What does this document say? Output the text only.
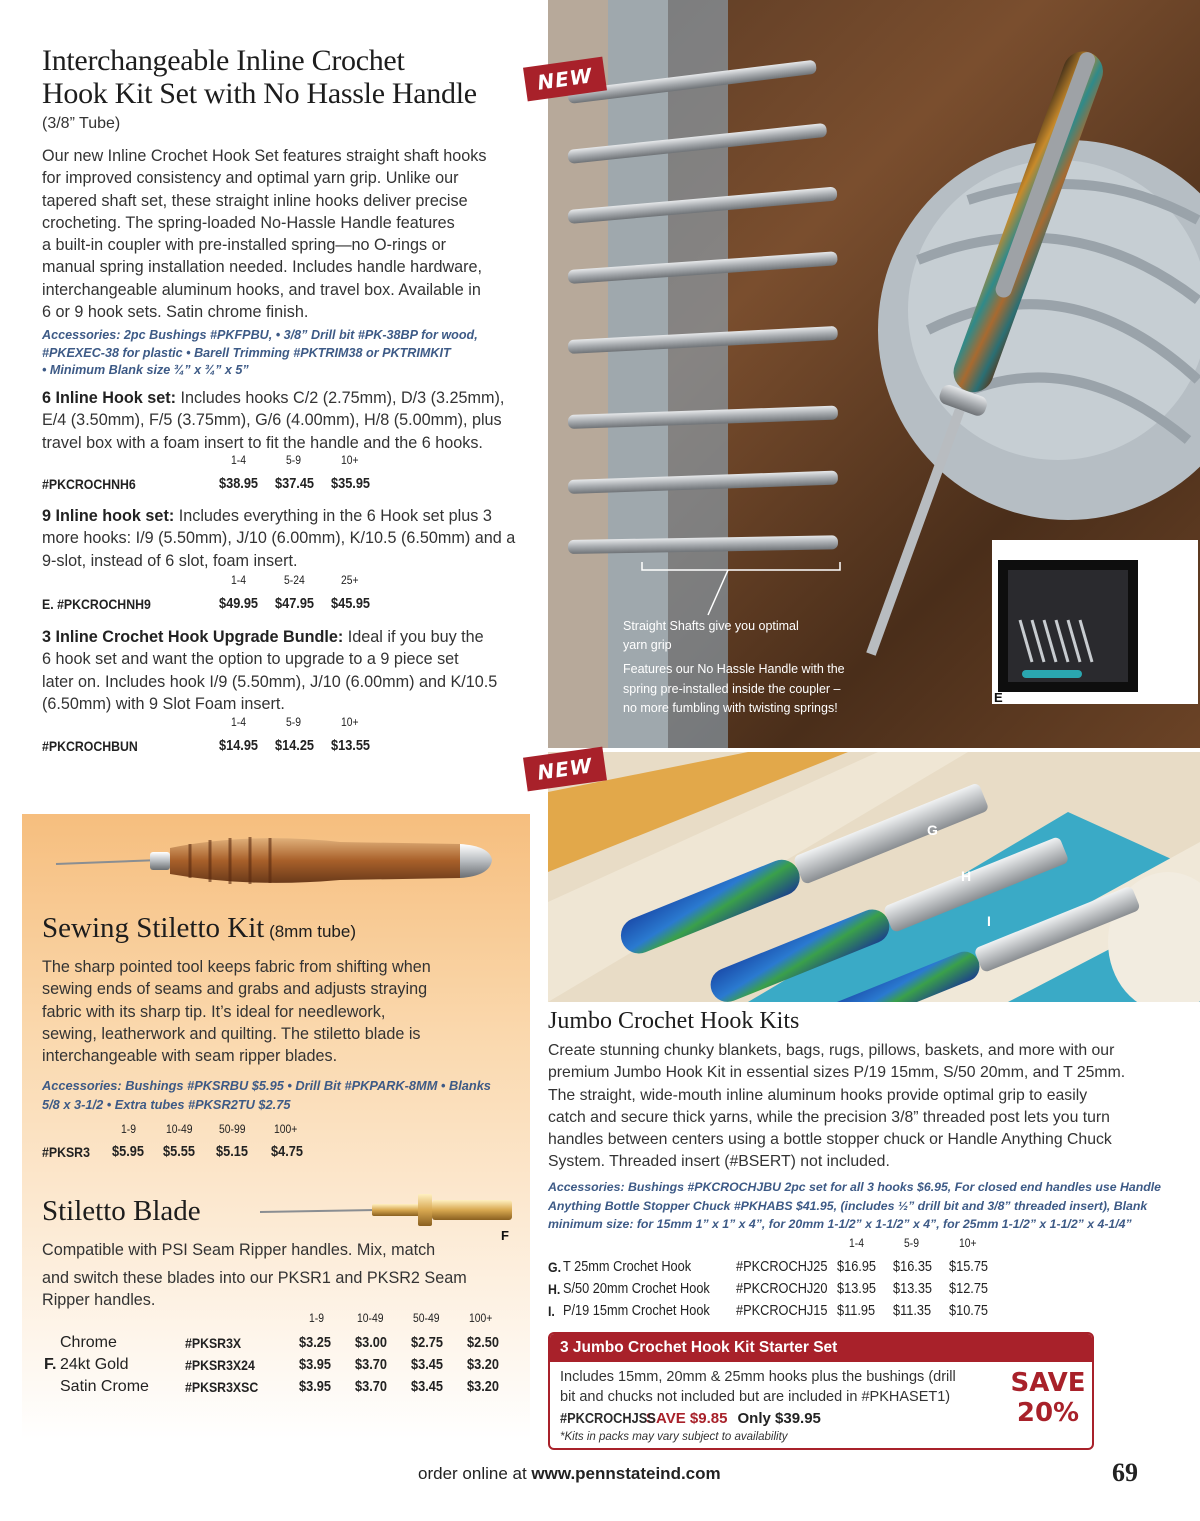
Interchangeable Inline Crochet
Hook Kit Set with No Hassle Handle
(3/8” Tube)
Our new Inline Crochet Hook Set features straight shaft hooks
for improved consistency and optimal yarn grip. Unlike our
tapered shaft set, these straight inline hooks deliver precise
crocheting. The spring-loaded No-Hassle Handle features
a built-in coupler with pre-installed spring—no O-rings or
manual spring installation needed. Includes handle hardware,
interchangeable aluminum hooks, and travel box. Available in
6 or 9 hook sets. Satin chrome finish.
Accessories: 2pc Bushings #PKFPBU, • 3/8” Drill bit #PK-38BP for wood,
#PKEXEC-38 for plastic • Barell Trimming #PKTRIM38 or PKTRIMKIT
• Minimum Blank size ¾” x ¾” x 5”
6 Inline Hook set: Includes hooks C/2 (2.75mm), D/3 (3.25mm),
E/4 (3.50mm), F/5 (3.75mm), G/6 (4.00mm), H/8 (5.00mm), plus
travel box with a foam insert to fit the handle and the 6 hooks.
1-4	5-9	10+
#PKCROCHNH6	$38.95 $37.45 $35.95
9 Inline hook set: Includes everything in the 6 Hook set plus 3
more hooks: I/9 (5.50mm), J/10 (6.00mm), K/10.5 (6.50mm) and a
9-slot, instead of 6 slot, foam insert.
1-4	5-24	25+
E. #PKCROCHNH9	$49.95 $47.95 $45.95
3 Inline Crochet Hook Upgrade Bundle: Ideal if you buy the
6 hook set and want the option to upgrade to a 9 piece set
later on. Includes hook I/9 (5.50mm), J/10 (6.00mm) and K/10.5
(6.50mm) with 9 Slot Foam insert.
1-4	5-9	10+
#PKCROCHBUN	$14.95 $14.25 $13.55
Straight Shafts give you optimal
yarn grip
Features our No Hassle Handle with the
spring pre-installed inside the coupler –
no more fumbling with twisting springs!
E
NEW
G
H
I
NEW
Sewing Stiletto Kit (8mm tube)
The sharp pointed tool keeps fabric from shifting when
sewing ends of seams and grabs and adjusts straying
fabric with its sharp tip. It’s ideal for needlework,
sewing, leatherwork and quilting. The stiletto blade is
interchangeable with seam ripper blades.
Accessories: Bushings #PKSRBU $5.95 • Drill Bit #PKPARK-8MM • Blanks
5/8 x 3-1/2 • Extra tubes #PKSR2TU $2.75
1-9	10-49 50-99 100+
#PKSR3 $5.95 $5.55 $5.15 $4.75
Stiletto Blade
F
Compatible with PSI Seam Ripper handles. Mix, match
and switch these blades into our PKSR1 and PKSR2 Seam
Ripper handles.
1-9	10-49	50-49	100+
Chrome	#PKSR3X	$3.25 $3.00 $2.75 $2.50
F. 24kt Gold	#PKSR3X24	$3.95 $3.70 $3.45 $3.20
Satin Crome	#PKSR3XSC	$3.95 $3.70 $3.45 $3.20
Jumbo Crochet Hook Kits
Create stunning chunky blankets, bags, rugs, pillows, baskets, and more with our
premium Jumbo Hook Kit in essential sizes P/19 15mm, S/50 20mm, and T 25mm.
The straight, wide-mouth inline aluminum hooks provide optimal grip to easily
catch and secure thick yarns, while the precision 3/8” threaded post lets you turn
handles between centers using a bottle stopper chuck or Handle Anything Chuck
System. Threaded insert (#BSERT) not included.
Accessories: Bushings #PKCROCHJBU 2pc set for all 3 hooks $6.95, For closed end handles use Handle
Anything Bottle Stopper Chuck #PKHABS $41.95, (includes ½” drill bit and 3/8” threaded insert), Blank
minimum size: for 15mm 1” x 1” x 4”, for 20mm 1-1/2” x 1-1/2” x 4”, for 25mm 1-1/2” x 1-1/2” x 4-1/4”
1-4	5-9	10+
G. T 25mm Crochet Hook	#PKCROCHJ25 $16.95 $16.35 $15.75
H. S/50 20mm Crochet Hook #PKCROCHJ20 $13.95 $13.35 $12.75
I. P/19 15mm Crochet Hook #PKCROCHJ15 $11.95 $11.35 $10.75
3 Jumbo Crochet Hook Kit Starter Set
Includes 15mm, 20mm & 25mm hooks plus the bushings (drill
bit and chucks not included but are included in #PKHASET1)
#PKCROCHJSS SAVE $9.85 Only $39.95
*Kits in packs may vary subject to availability
SAVE
20%
order online at www.pennstateind.com	69
